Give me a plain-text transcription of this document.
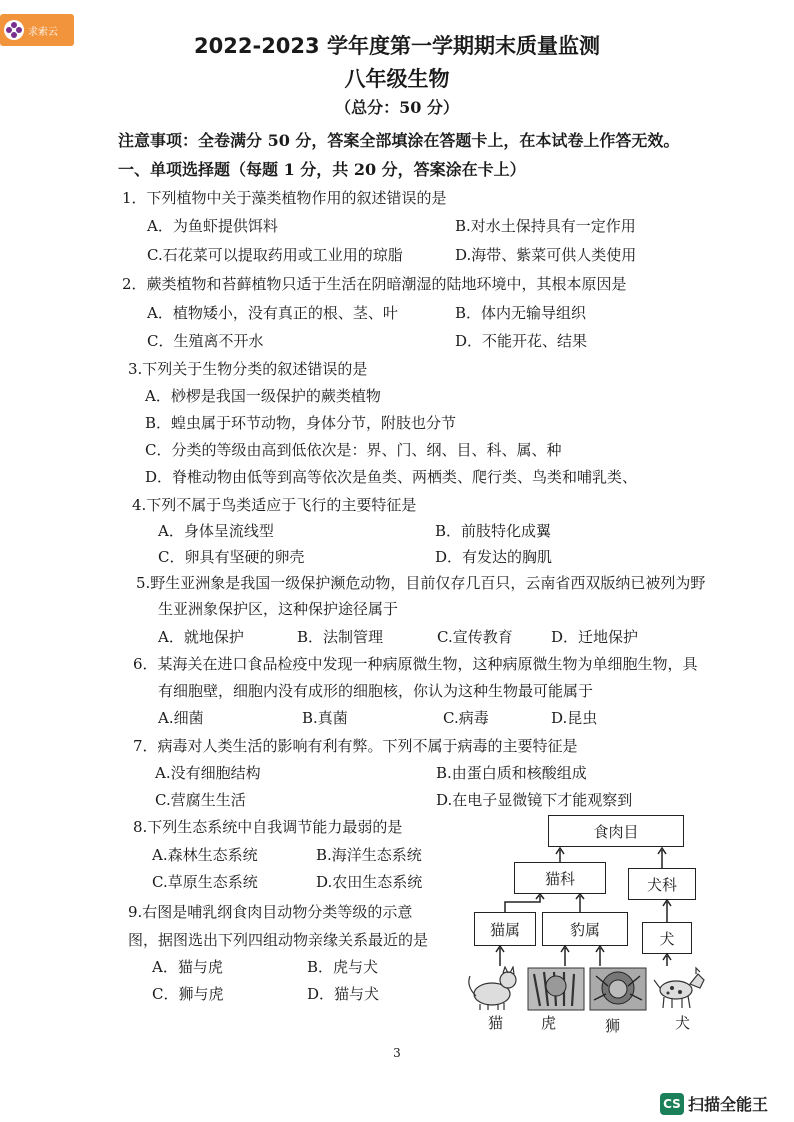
求索云
2022-2023 学年度第一学期期末质量监测
八年级生物
（总分：50 分）
注意事项：全卷满分 50 分，答案全部填涂在答题卡上，在本试卷上作答无效。
一、单项选择题（每题 1 分，共 20 分，答案涂在卡上）
1．下列植物中关于藻类植物作用的叙述错误的是
A．为鱼虾提供饵料	B.对水土保持具有一定作用
C.石花菜可以提取药用或工业用的琼脂	D.海带、紫菜可供人类使用
2．蕨类植物和苔藓植物只适于生活在阴暗潮湿的陆地环境中，其根本原因是
A．植物矮小，没有真正的根、茎、叶	B．体内无输导组织
C．生殖离不开水	D．不能开花、结果
3.下列关于生物分类的叙述错误的是
A．桫椤是我国一级保护的蕨类植物
B．蝗虫属于环节动物，身体分节，附肢也分节
C．分类的等级由高到低依次是：界、门、纲、目、科、属、种
D．脊椎动物由低等到高等依次是鱼类、两栖类、爬行类、鸟类和哺乳类、
4.下列不属于鸟类适应于飞行的主要特征是
A．身体呈流线型	B．前肢特化成翼
C．卵具有坚硬的卵壳	D．有发达的胸肌
5.野生亚洲象是我国一级保护濒危动物，目前仅存几百只，云南省西双版纳已被列为野
生亚洲象保护区，这种保护途径属于
A．就地保护	B．法制管理	C.宣传教育	D．迁地保护
6．某海关在进口食品检疫中发现一种病原微生物，这种病原微生物为单细胞生物，具
有细胞壁，细胞内没有成形的细胞核，你认为这种生物最可能属于
A.细菌	B.真菌	C.病毒	D.昆虫
7．病毒对人类生活的影响有利有弊。下列不属于病毒的主要特征是
A.没有细胞结构	B.由蛋白质和核酸组成
C.营腐生生活	D.在电子显微镜下才能观察到
8.下列生态系统中自我调节能力最弱的是
A.森林生态系统	B.海洋生态系统
C.草原生态系统	D.农田生态系统
9.右图是哺乳纲食肉目动物分类等级的示意
图，据图选出下列四组动物亲缘关系最近的是
A．猫与虎	B．虎与犬
C．狮与虎	D．猫与犬
食肉目
猫科	犬科
猫属	豹属	犬
猫	虎	狮	犬
3
CS 扫描全能王
